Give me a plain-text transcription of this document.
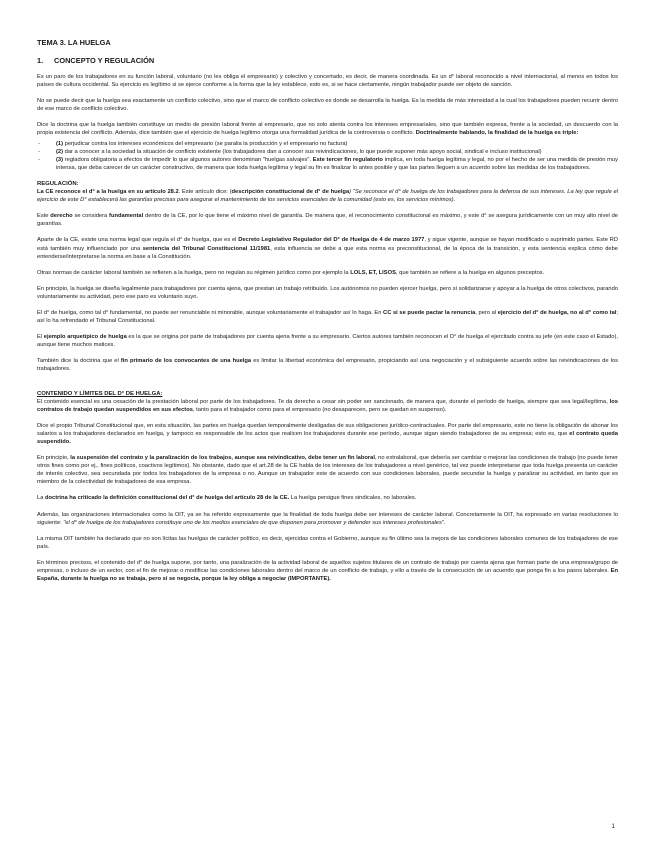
TEMA 3. LA HUELGA
1. CONCEPTO Y REGULACIÓN

Es un paro de los trabajadores en su función laboral, voluntario (no les obliga el empresario) y colectivo y concertado, es decir, de manera coordinada. Es un d° laboral reconocido a nivel internacional, al menos en todos los países de cultura occidental. Su ejercicio es legítimo si se ejerce conforme a la forma que la ley establece, esto es, si se hace ciertamente, ningún trabajador puede ser objeto de sanción.

No se puede decir que la huelga sea exactamente un conflicto colectivo, sino que el marco de conflicto colectivo es donde se desarrolla la huelga. Es la medida de más intensidad a la cual los trabajadores pueden recurrir dentro de ese marco de conflicto colectivo.

Dice la doctrina que la huelga también constituye un medio de presión laboral frente al empresario, que no solo atenta contra los intereses empresariales, sino que también expresa, frente a la sociedad, un descuerdo con la propia existencia del conflicto. Además, dice también que el ejercicio de huelga legítimo otorga una formalidad jurídica de la controversia o conflicto. Doctrinalmente hablando, la finalidad de la huelga es triple:

-	(1) perjudicar contra los intereses económicos del empresario (se paralia la producción y el empresario no factura)
-	(2) dar a conocer a la sociedad la situación de conflicto existente (los trabajadores dan a conocer sus reivindicaciones, lo que puede suponer más apoyo social, sindical e incluso institucional)
-	(3) regladora obligatoria a efectos de impedir lo que algunos autores denominan "huelgas salvajes". Este tercer fin regulatorio implica, en toda huelga legítima y legal, no por el hecho de ser una medida de presión muy intensa, que deba carecer de un carácter constructivo, de manera que toda huelga legítima y legal su fin es finalizar lo antes posible y que las partes lleguen a un acuerdo sobre las medidas de los trabajadores.
REGULACIÓN:

La CE reconoce el d° a la huelga en su artículo 28.2. Este artículo dice: (descripción constitucional de d° de huelga) "Se reconoce el d° de huelga de los trabajadores para la defensa de sus intereses. La ley que regule el ejercicio de este D° establecerá las garantías precisas para asegurar el mantenimiento de los servicios esenciales de la comunidad (esto es, los servicios mínimos).

Este derecho se considera fundamental dentro de la CE, por lo que tiene el máximo nivel de garantía. De manera que, el reconocimiento constitucional es máximo, y este d° se asegura jurídicamente con un muy alto nivel de garantías.

Aparte de la CE, existe una norma legal que regula el d° de huelga, que es el Decreto Legislativo Regulador del D° de Huelga de 4 de marzo 1977, y sigue vigente, aunque se hayan modificado o suprimido partes. Este RD está también muy influenciado por una sentencia del Tribunal Constitucional 11/1981, esta influencia se debe a que esta norma es preconstitucional, de la época de la transición, y esta sentencia explica cómo debe entenderse/interpretarse la norma en base a la Constitución.

Otras normas de carácter laboral también se refieren a la huelga, pero no regulan su régimen jurídico como por ejemplo la LOLS, ET, LISOS, que también se refiere a la huelga en algunos preceptos.

En principio, la huelga se diseña legalmente para trabajadores por cuenta ajena, que prestan un trabajo retribuido. Los autónomos no pueden ejercer huelga, pero sí solidarizarse y apoyar a la huelga de otros colectivos, parando voluntariamente su actividad, pero ese paro es voluntario suyo.

El d° de huelga, como tal d° fundamental, no puede ser renunciable ni minorable, aunque voluntariamente el trabajador así lo haga. En CC si se puede pactar la renuncia, pero al ejercicio del d° de huelga, no al d° como tal; así lo ha refrendado el Tribunal Constitucional.

El ejemplo arquetípico de huelga es la que se origina por parte de trabajadores por cuenta ajena frente a su empresario. Ciertos autores también reconocen el D° de huelga el ejercitado contra su jefe (en este caso el Estado), aunque tiene muchos matices.

También dice la doctrina que el fin primario de los convocantes de una huelga es limitar la libertad económica del empresario, propiciando así una negociación y el subsiguiente acuerdo sobre las reivindicaciones de los trabajadores.

CONTENIDO Y LÍMITES DEL D° DE HUELGA:

El contenido esencial es una cesación de la prestación laboral por parte de los trabajadores. Te da derecho a cesar sin poder ser sancionado, de manera que, durante el período de huelga, siempre que sea legal/legítima, los contratos de trabajo quedan suspendidos en sus efectos, tanto para el trabajador como para el empresario (no desaparecen, pero se quedan en suspenso).

Dice el propio Tribunal Constitucional que, en esta situación, las partes en huelga quedan temporalmente desligadas de sus obligaciones jurídico-contractuales. Por parte del empresario, este no tiene la obligación de abonar los salarios a los trabajadores declarados en huelga, y tampoco es responsable de los actos que realicen los trabajadores durante ese período, aunque sigan siendo trabajadores de su empresa; esto es, que el contrato queda suspendido.

En principio, la suspensión del contrato y la paralización de los trabajos, aunque sea reivindicativo, debe tener un fin laboral, no extralaboral, que debería ser cambiar o mejorar las condiciones de trabajo (no puede tener otros fines como por ej., fines políticos, coactivos legítimos). No obstante, dado que el art.28 de la CE habla de los intereses de los trabajadores a nivel genérico, tal vez puede interpretarse que toda huelga presenta un carácter de interés colectivo, sea secundada por todos los trabajadores de la empresa o no. Aunque un trabajador este de acuerdo con sus condiciones laborales, puede secundar la huelga y paralizar su actividad, en tanto que es miembro de la colectividad de trabajadores de esa empresa.

La doctrina ha criticado la definición constitucional del d° de huelga del artículo 28 de la CE. La huelga persigue fines sindicales, no laborales.

Además, las organizaciones internacionales como la OIT, ya se ha referido expresamente que la finalidad de toda huelga debe ser intereses de carácter laboral. Concretamente la OIT, ha expresado en varias resoluciones lo siguiente: "el d° de huelga de los trabajadores constituye uno de los medios esenciales de que disponen para promover y defender sus intereses profesionales".

La misma OIT también ha declarado que no son lícitas las huelgas de carácter político, es decir, ejercidas contra el Gobierno, aunque su fin último sea la mejora de las condiciones laborales comunes de los trabajadores de ese país.

En términos precisos, el contenido del d° de huelga supone, por tanto, una paralización de la actividad laboral de aquellos sujetos titulares de un contrato de trabajo por cuenta ajena que forman parte de una empresa/grupo de empresas, o incluso de un sector, con el fin de mejorar o modificar las condiciones laborales dentro del marco de un conflicto de trabajo, y ello a través de la consecución de un acuerdo que ponga fin a los pasos laborales. En España, durante la huelga no se trabaja, pero sí se negocia, porque la ley obliga a negociar (IMPORTANTE).

1
